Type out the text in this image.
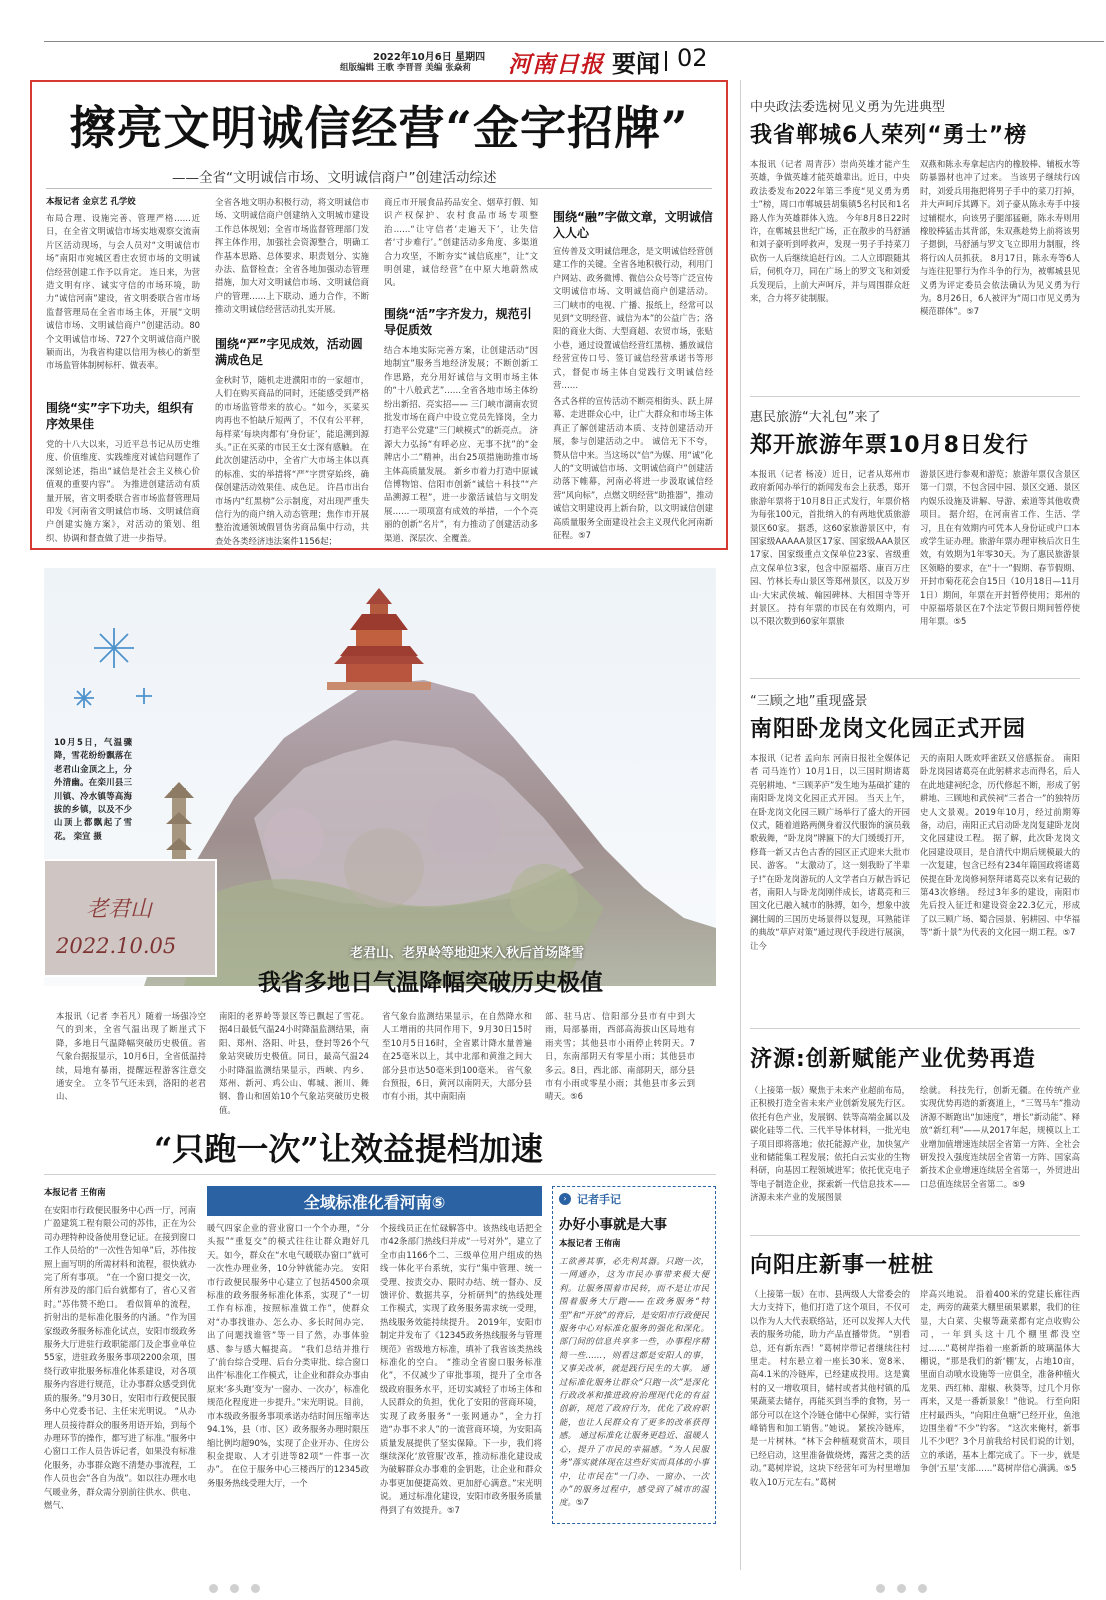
2022年10月6日 星期四
组版编辑 王歌 李晋晋 美编 张焱莉 河南日报 要闻 02
擦亮文明诚信经营“金字招牌”
——全省“文明诚信市场、文明诚信商户”创建活动综述
本报记者 金京艺 孔学姣
布局合理、设施完善、管理严格……近日，在全省文明诚信市场实地观察交流南片区活动现场，与会人员对“文明诚信市场”南阳市宛城区看庄农贸市场的文明诚信经营创建工作予以肯定。 连日来，为营造文明有序、诚实守信的市场环境，助力“诚信河南”建设，省文明委联合省市场监督管理局在全省市场主体，开展“文明诚信市场、文明诚信商户”创建活动。80个文明诚信市场、727个文明诚信商户脱颖而出，为我省构建以信用为核心的新型市场监管体制树标杆、做表率。
围绕“实”字下功夫，组织有序效果佳
党的十八大以来，习近平总书记从历史维度、价值维度、实践维度对诚信问题作了深刻论述，指出“诚信是社会主义核心价值观的重要内容”。 为推进创建活动有质量开展，省文明委联合省市场监督管理局印发《河南省文明诚信市场、文明诚信商户创建实施方案》，对活动的策划、组织、协调和督查做了进一步指导。
全省各地文明办积极行动，将文明诚信市场、文明诚信商户创建纳入文明城市建设工作总体规划；全省市场监督管理部门发挥主体作用，加强社会资源整合，明确工作基本思路、总体要求、职责划分、实施办法、监督检查；全省各地加强动态管理措施，加大对文明诚信市场、文明诚信商户的管理……上下联动、通力合作，不断推动文明诚信经营活动扎实开展。
围绕“严”字见成效，活动圆满成色足
金秋时节，随机走进濮阳市的一家超市，人们在购买商品的同时，还能感受到严格的市场监管带来的放心。“如今，买菜买肉再也不怕缺斤短两了，不仅有公平秤，每样菜‘每块肉都有’身份证’，能追溯到源头。”正在买菜的市民王女士深有感触。 在此次创建活动中，全省广大市场主体以真的标准、实的举措将“严”字贯穿始终，确保创建活动效果佳、成色足。 许昌市出台市场内“红黑榜”公示制度，对出现严重失信行为的商户纳入动态管理；焦作市开展整治流通领域假冒伪劣商品集中行动，共查处各类经济违法案件1156起；
商丘市开展食品药品安全、烟草打假、知识产权保护、农村食品市场专项整治……“让守信者‘走遍天下’，让失信者‘寸步难行’。”创建活动多角度、多渠道合力攻坚，不断夯实“诚信底座”，让“文明创建，诚信经营”在中原大地蔚然成风。
围绕“活”字齐发力，规范引导促质效
结合本地实际完善方案，让创建活动“因地制宜”服务当地经济发展；不断创新工作思路，充分用好诚信与文明市场主体的“十八般武艺”……全省各地市场主体纷纷出新招、亮实招—— 三门峡市湖南农贸批发市场在商户中设立党员先锋岗，全力打造平公党建“三门峡模式”的新亮点。 济源大力弘扬“有呼必应、无事不扰”的“金牌店小二”精神，出台25项措施助推市场主体高质量发展。 新乡市着力打造中原诚信博物馆、信阳市创新“诚信＋科技”“产品溯源工程”，进一步激活诚信与文明发展……一项项富有成效的举措，一个个亮丽的创新“名片”，有力推动了创建活动多渠道、深层次、全覆盖。
围绕“融”字做文章，文明诚信入人心
宣传普及文明诚信理念，是文明诚信经营创建工作的关键。全省各地积极行动，利用门户网站、政务微博、微信公众号等广泛宣传文明诚信市场、文明诚信商户创建活动。 三门峡市的电视、广播、报纸上，经常可以见到“文明经营、诚信为本”的公益广告；洛阳的商业大街、大型商超、农贸市场，张贴小巷，通过设置诚信经营红黑榜、播放诚信经营宣传口号、签订诚信经营承诺书等形式，督促市场主体自觉践行文明诚信经营……
各式各样的宣传活动不断亮相街头、跃上屏幕、走进群众心中，让广大群众和市场主体真正了解创建活动本质、支持创建活动开展，参与创建活动之中。 诚信无下不夸，赞从信中来。当这场以“信”为媒、用“诚”化人的“文明诚信市场、文明诚信商户”创建活动落下帷幕，河南必将进一步汲取诚信经营“风向标”，点燃文明经营“助推器”，推动诚信文明建设再上新台阶，以文明诚信创建高质量服务全面建设社会主义现代化河南新征程。⑤7
中央政法委选树见义勇为先进典型
我省郸城6人荣列“勇士”榜
本报讯（记者 周青莎）崇尚英雄才能产生英雄，争做英雄才能英雄辈出。近日，中央政法委发布2022年第三季度“见义勇为勇士”榜，周口市郸城县胡集镇5名村民和1名路人作为英雄群体入选。 今年8月8日22时许，在郸城县世纪广场，正在散步的马舒涵和刘子豪听到呼救声，发现一男子手持菜刀砍伤一人后继续追赶行凶。二人立即跟随其后，伺机夺刀，同在广场上的罗文飞和刘爱兵发现后，上前大声呵斥，并与周围群众赶来，合力将歹徒制服。
双燕和陈永寿拿起店内的橡胶棒、辅板水等防暴器材也冲了过来。 当该男子继续行凶时，刘爱兵用拖把将男子手中的菜刀打掉，并大声呵斥其蹲下。刘子豪从陈永寿手中接过辅棍水，向该男子腿部猛砸，陈永寿则用橡胶棒猛击其背部，朱双燕趁势上前将该男子摁倒，马舒涵与罗文飞立即用力制服，终将行凶人员抓获。 8月17日，陈永寿等6人与连往犯罪行为作斗争的行为，被郸城县见义勇为评定委员会依法确认为见义勇为行为。8月26日，6人被评为“周口市见义勇为模范群体”。⑤7
惠民旅游“大礼包”来了
郑开旅游年票10月8日发行
本报讯（记者 杨凌）近日，记者从郑州市政府新闻办举行的新闻发布会上获悉，郑开旅游年票将于10月8日正式发行，年票价格为每张100元，首批纳入的有两地优质旅游景区60家。 据悉，这60家旅游景区中，有国家级AAAAA景区17家、国家级AAA景区17家、国家级重点文保单位23家、省级重点文保单位3家，包含中原福塔、康百万庄园、竹林长寿山景区等郑州景区，以及万岁山·大宋武侠城、翰园碑林、大相国寺等开封景区。 持有年票的市民在有效期内，可以不限次数到60家年票旅
游景区进行参观和游览；旅游年票仅含景区第一门票，不包含园中园、景区交通、景区内娱乐设施及讲解、导游、索道等其他收费项目。 据介绍，在河南省工作、生活、学习，且在有效期内可凭本人身份证或户口本或学生证办理。旅游年票办理审核后次日生效，有效期为1年零30天。为了惠民旅游景区领略的要求，在“十一”假期、春节假期、开封市菊花花会自15日（10月18日—11月1日）期间，年票在开封暂停使用；郑州的中原福塔景区在7个法定节假日期间暂停使用年票。⑤5
“三顾之地”重现盛景
南阳卧龙岗文化园正式开园
本报讯（记者 孟向东 河南日报社全媒体记者 司马连竹）10月1日，以三国时期诸葛亮躬耕地、“三顾茅庐”发生地为基础扩建的南阳卧龙岗文化园正式开园。 当天上午，在卧龙岗文化园三顾广场举行了盛大的开园仪式，随着道路两侧身着汉代服饰的演员载歌载舞，“卧龙岗”牌匾下的大门缓缓打开，修葺一新又古色古香的园区正式迎来大批市民、游客。 “太激动了，这一刻我盼了半辈子!”在卧龙岗游玩的人文学者白万献告诉记者，南阳人与卧龙岗刚伴成长，诸葛亮和三国文化已融入城市的脉搏，如今，想象中波澜壮阔的三国历史场景得以复现，耳熟能详的典故“草庐对策”通过现代手段进行展演，让今
天的南阳人既欢呼雀跃又倍感振奋。 南阳卧龙岗园诸葛亮在此躬耕求志而得名，后人在此地建祠纪念，历代修起不断，形成了躬耕地、三顾地和武侯祠“三者合一”的独特历史人文景观。2019年10月，经过前期筹备，动启，南阳正式启动卧龙岗复建卧龙岗文化园建设工程。 据了解，此次卧龙岗文化园建设项目，是自清代中期后规模最大的一次复建，包含已经有234年篇国政将诸葛侯提在卧龙岗修祠祭拜诸葛亮以来有记载的第43次修缮。 经过3年多的建设，南阳市先后投入征迁和建设资金22.3亿元，形成了以三顾广场、蜀合园景、躬耕园、中华福等“新十景”为代表的文化园一期工程。⑤7
济源:创新赋能产业优势再造
（上接第一版）聚焦于未来产业超前布局，正积极打造全省未来产业创新发展先行区。 依托有色产业，发展钢、铁等高端金属以及碳化硅等二代、三代半导体材料，一批光电子项目即将落地；依托能源产业，加快氢产业和储能集工程发展；依托白云实业的生物科研，向基因工程领域进军；依托优克电子等电子制造企业，探索新一代信息技术——济源未来产业的发展图景
绘就。 科技先行，创新无疆。在传统产业实现优势再造的新赛道上，“三驾马车”推动济源不断跑出“加速度”，增长“新动能”、释放“新红利”——从2017年起，规模以上工业增加值增速连续居全省第一方阵、全社会研发投入强度连续居全省第一方阵、国家高新技术企业增速连续居全省第一，外贸进出口总值连续居全省第二。⑤9
向阳庄新事一桩桩
（上接第一版）在市、县两级人大常委会的大力支持下，他们打造了这个项目，不仅可以作为人大代表联络站，还可以发挥人大代表的服务功能，助力产品直播带货。 “别看总，还有新东西！”葛树岸带记者继续往村里走。 村东悬立着一座长30米、宽8米、高4.1米的冷链库，已经建成投用。这是冀村的又一增收项目，储村或者其他村镇的瓜果蔬菜去储存，再能买到当季的食物，另一部分可以在这个冷链仓储中心保鲜，实行错峰销售和加工销售。”她说。 紧挨冷链库，是一片树林。“林下会种植观赏苗木，项目已经启动，这里准备做烧烤，露营之类的活动。”葛树岸说，这块下经营年可为村里增加收入10万元左右。”葛树
岸高兴地说。 沿着400米的党建长廊往西走，两旁的蔬菜大棚里硕果累累，我们的往显，大白菜、尖椒等蔬菜都有定点收购公司，一年到头这十几个棚里都没空过……“葛树岸指着一座新新的玻璃温体大棚说，“那是我们的新‘棚’友，占地10亩，里面自动喷水设施等一应俱全，准备种植火龙果、西红柿、甜椒、秋葵等，过几个月你再来，又是一番新景象！”他说。 行至向阳庄村最西头，“向阳庄鱼塘”已经开业，鱼池边围坐着“不少”钓客。 “这次来俺村，新事儿不少吧？3个月前我给村民们说的计划，立的承诺，基本上都完成了。下一步，就是争创‘五星’支部……”葛树岸信心满满。⑤5
老君山
2022.10.05
10月5日，气温骤降，雪花纷纷飘落在老君山金顶之上，分外清幽。在栾川县三川镇、冷水镇等高海拔的乡镇，以及不少山顶上都飘起了雪花。 栾宣 摄
老君山、老界岭等地迎来入秋后首场降雪
我省多地日气温降幅突破历史极值
本报讯（记者 李若凡）随着一场强冷空气的到来，全省气温出现了断崖式下降，多地日气温降幅突破历史极值。省气象台据报显示，10月6日，全省低温持续，局地有暴雨，提醒远程游客注意交通安全。 立冬节气还未到，洛阳的老君山、
南阳的老界岭等景区等已飘起了雪花。据4日最低气温24小时降温监测结果，南阳、郑州、洛阳、叶县，登封等26个气象站突破历史极值。同日，最高气温24小时降温监测结果显示，西峡、内乡、郑州、新河、鸡公山、郸城、淅川、舞钢、鲁山和固始10个气象站突破历史极值。
省气象台监测结果显示，在自然降水和人工增雨的共同作用下，9月30日15时至10月5日16时，全省累计降水量普遍在25毫米以上，其中北部和黄淮之间大部分县市达50毫米到100毫米。 省气象台预报，6日，黄河以南阴天，大部分县市有小雨，其中南阳南
部、驻马店、信阳部分县市有中到大雨，局部暴雨，西部高海拔山区局地有雨夹雪；其他县市小雨停止转阴天。7日，东南部阴天有零星小雨；其他县市多云。8日，西北部、南部阴天，部分县市有小雨或零星小雨；其他县市多云到晴天。⑤6
“只跑一次”让效益提档加速
本报记者 王侑南
在安阳市行政便民服务中心西一厅，河南广盈建筑工程有限公司的苏伟，正在为公司办理特种设备使用登记证。在接到窗口工作人员给的“一次性告知单”后，苏伟按照上面写明的所需材料和流程，很快就办完了所有事项。 “在一个窗口提交一次，所有涉及的部门后台就都有了，省心又省时。”苏伟赞不绝口。 看似简单的流程，折射出的是标准化服务的内涵。“作为国家级政务服务标准化试点，安阳市级政务服务大厅进驻行政职能部门及企事业单位55家，进驻政务服务事项2200余项，围绕行政审批服务标准化体系建设，对各项服务内容进行规范，让办事群众感受到优质的服务。”9月30日，安阳市行政便民服务中心党委书记、主任宋光明说。 “从办理人员接待群众的服务用语开始，到每个办理环节的操作，都写进了标准。”服务中心窗口工作人员告诉记者，如果没有标准化服务，办事群众跑不清楚办事流程，工作人员也会“各自为战”。如以往办理水电气暖业务，群众需分别前往供水、供电、燃气、
全域标准化看河南⑤
暖气四家企业的营业窗口一个个办理，“分头报”“重复交”的模式往往让群众跑好几天。如今，群众在“水电气暖联办窗口”就可一次性办理业务，10分钟就能办完。 安阳市行政便民服务中心建立了包括4500余项标准的政务服务标准化体系，实现了“一切工作有标准，按照标准做工作”，使群众对“办事找谁办、怎么办、多长时间办完、出了问题找谁管”等一目了然，办事体验感、参与感大幅提高。 “我们总结并推行了‘前台综合受理、后台分类审批、综合窗口出件’标准化工作模式，让企业和群众办事由原来‘多头跑’变为‘一窗办、一次办’，标准化规范化程度进一步提升。”宋光明说。目前，市本级政务服务事项承诺办结时间压缩率达94.1%，县（市、区）政务服务办理时限压缩比例均超90%，实现了企业开办、住房公积金提取、人才引进等82项“一件事一次办”。 在位于服务中心三楼西厅的12345政务服务热线受理大厅，一个
个接线员正在忙碌解答中。该热线电话把全市42条部门热线归并成“一号对外”，建立了全市由1166个二、三级单位用户组成的热线一体化平台系统，实行“集中管理、统一受理、按责交办、限时办结、统一督办、反馈评价、数据共享，分析研判”的热线处理工作模式，实现了政务服务需求统一受理，热线服务效能持续提升。 2019年，安阳市制定并发布了《12345政务热线服务与管理规范》省级地方标准，填补了我省该类热线标准化的空白。 “推动全省窗口服务标准化”，不仅减少了审批事项，提升了全市各级政府服务水平，还切实减轻了市场主体和人民群众的负担，优化了安阳的营商环境，实现了政务服务“一张网通办”，全力打造“办事不求人”的一流营商环境，为安阳高质量发展提供了坚实保障。下一步，我们将继续深化‘放管服’改革，推动标准化建设成为破解群众办事难的金钥匙，让企业和群众办事更加便捷高效、更加舒心满意。”宋光明说。 通过标准化建设，安阳市政务服务质量得到了有效提升。⑤7
› 记者手记
办好小事就是大事
本报记者 王侑南
工欲善其事，必先利其器。只跑一次，一网通办，这为市民办事带来极大便利。让服务围着市民转，而不是让市民围着服务大厅跑——在政务服务“特型”和“开放”的背后，是安阳市行政便民服务中心对标准化服务的强化和深化。 部门间的信息共享多一些，办事程序精简一些……，则看这都是安阳人的事，又事关改革，就是践行民生的大事。 通过标准化服务让群众“只跑一次”是深化行政改革和推进政府治理现代化的有益创新，规范了政府行为，优化了政府职能，也让人民群众有了更多的改革获得感。 通过标准化让服务更趋近、温暖人心，提升了市民的幸福感。“为人民服务”落实就体现在这些好实而具体的小事中，让市民在“一门办、一窗办、一次办”的服务过程中，感受到了城市的温度。⑤7
